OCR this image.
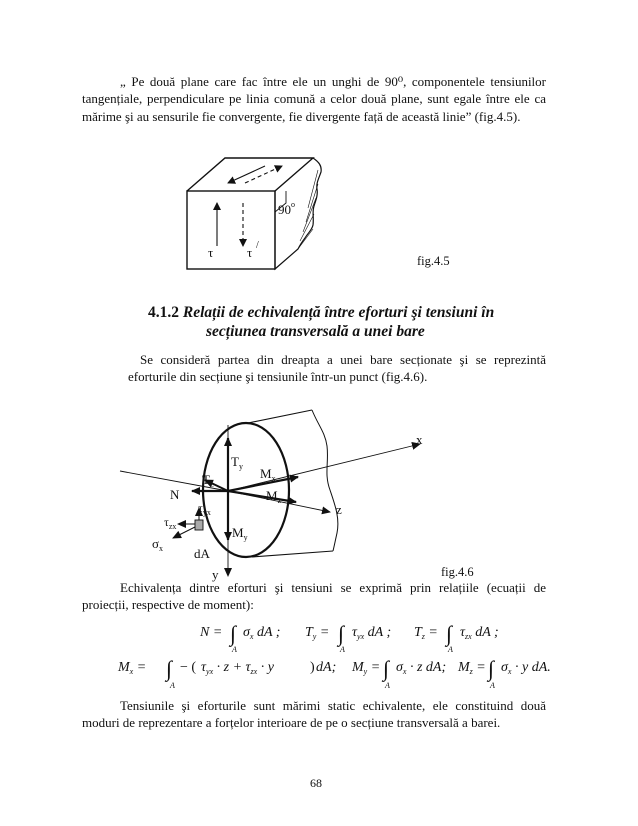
„ Pe două plane care fac între ele un unghi de 90⁰, componentele tensiunilor tangențiale, perpendiculare pe linia comună a celor două plane, sunt egale între ele ca mărime şi au sensurile fie convergente, fie divergente față de această linie” (fig.4.5).

90$^o$
τ	τ /
fig.4.5
4.1.2 Relații de echivalență între eforturi şi tensiuni în
secțiunea transversală a unei bare

Se consideră partea din dreapta a unei bare secționate şi se reprezintă eforturile din secțiune şi tensiunile într-un punct (fig.4.6).

x
z
y
N
$T_y$
$T_z$
$M_x$
$M_z$
$M_y$
$\tau_{yx}$
$\tau_{zx}$
$\sigma_x$ dA
fig.4.6

Echivalența dintre eforturi şi tensiuni se exprimă prin relațiile (ecuații de proiecții, respective de moment):

N = ∫
A
$\sigma_x$ dA ; $T_y$ = ∫
A
$\tau_{yx}$ dA ; $T_z$ = ∫
A
$\tau_{zx}$ dA ;
$M_x$ = ∫
A
− ( $\tau_{yx} \cdot z + \tau_{zx} \cdot y$	) dA; $M_y$ = ∫
A
$\sigma_x \cdot z$ dA; $M_z$ = ∫
A
$\sigma_x \cdot y$ dA.

Tensiunile şi eforturile sunt mărimi static echivalente, ele constituind două moduri de reprezentare a forțelor interioare de pe o secțiune transversală a barei.

68
